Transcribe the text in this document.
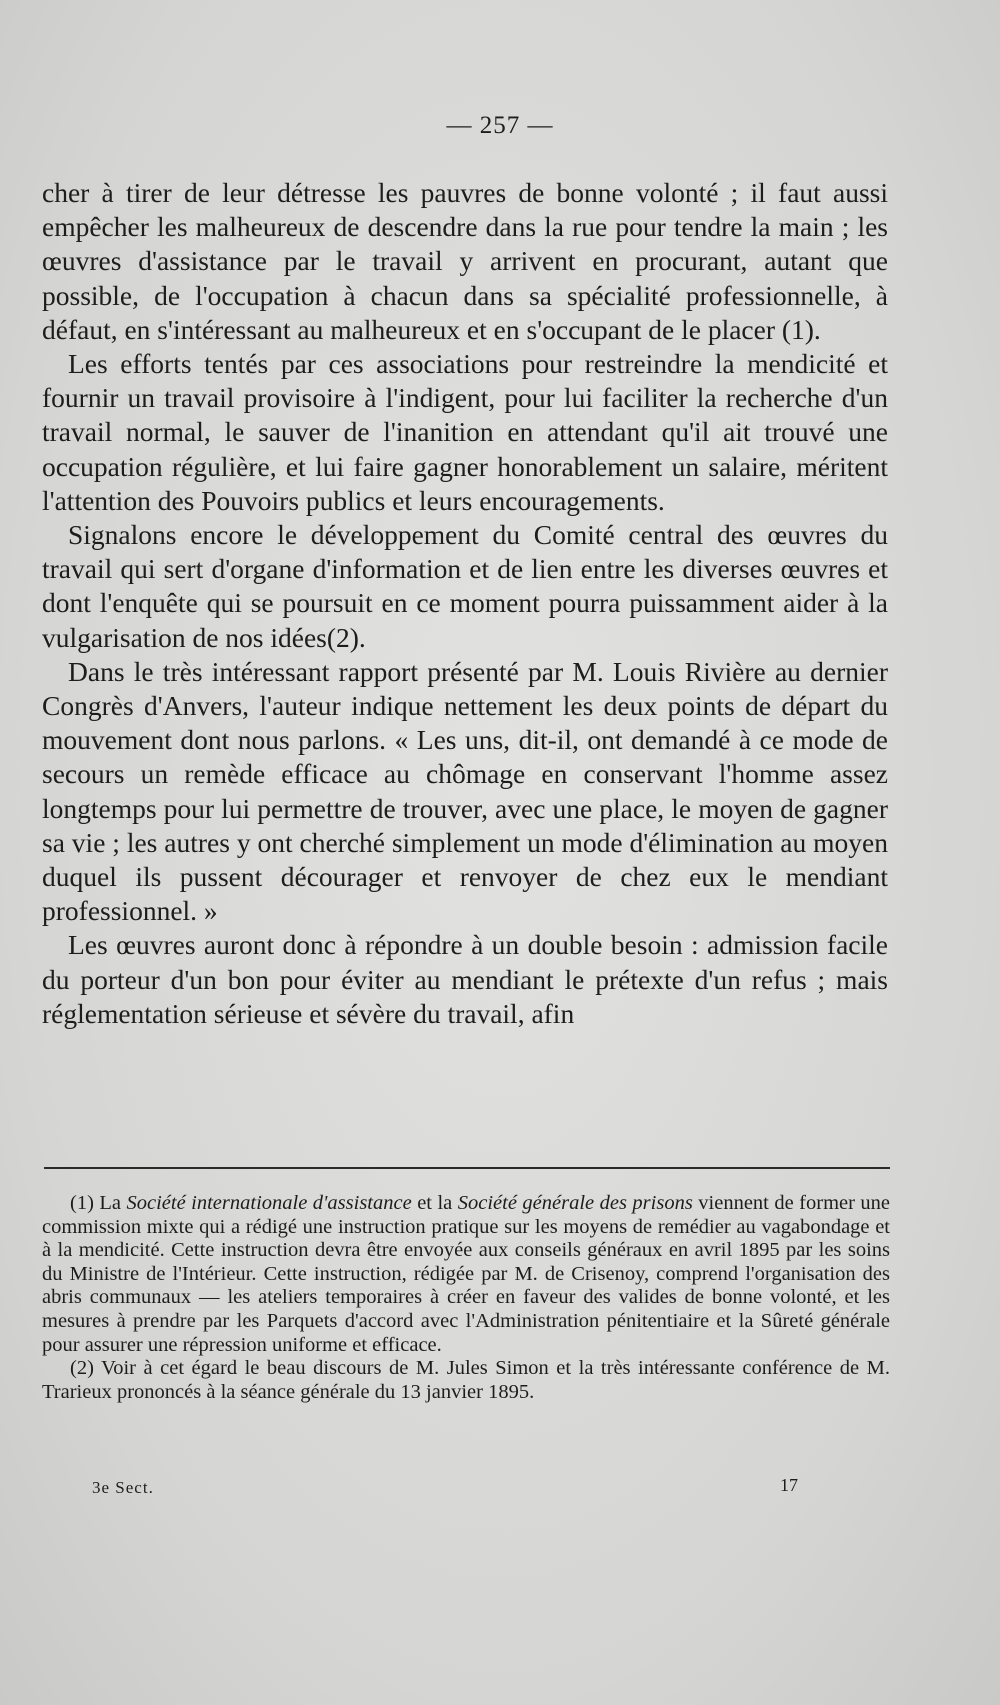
— 257 —

cher à tirer de leur détresse les pauvres de bonne volonté ; il faut aussi empêcher les malheureux de descendre dans la rue pour tendre la main ; les œuvres d'assistance par le travail y arrivent en procurant, autant que possible, de l'occupation à chacun dans sa spécialité professionnelle, à défaut, en s'intéressant au malheureux et en s'occupant de le placer (1).

Les efforts tentés par ces associations pour restreindre la mendicité et fournir un travail provisoire à l'indigent, pour lui faciliter la recherche d'un travail normal, le sauver de l'inanition en attendant qu'il ait trouvé une occupation régulière, et lui faire gagner honorablement un salaire, méritent l'attention des Pouvoirs publics et leurs encouragements.

Signalons encore le développement du Comité central des œuvres du travail qui sert d'organe d'information et de lien entre les diverses œuvres et dont l'enquête qui se poursuit en ce moment pourra puissamment aider à la vulgarisation de nos idées(2).

Dans le très intéressant rapport présenté par M. Louis Rivière au dernier Congrès d'Anvers, l'auteur indique nettement les deux points de départ du mouvement dont nous parlons. « Les uns, dit-il, ont demandé à ce mode de secours un remède efficace au chômage en conservant l'homme assez longtemps pour lui permettre de trouver, avec une place, le moyen de gagner sa vie ; les autres y ont cherché simplement un mode d'élimination au moyen duquel ils pussent décourager et renvoyer de chez eux le mendiant professionnel. »

Les œuvres auront donc à répondre à un double besoin : admission facile du porteur d'un bon pour éviter au mendiant le prétexte d'un refus ; mais réglementation sérieuse et sévère du travail, afin

(1) La Société internationale d'assistance et la Société générale des prisons viennent de former une commission mixte qui a rédigé une instruction pratique sur les moyens de remédier au vagabondage et à la mendicité. Cette instruction devra être envoyée aux conseils généraux en avril 1895 par les soins du Ministre de l'Intérieur. Cette instruction, rédigée par M. de Crisenoy, comprend l'organisation des abris communaux — les ateliers temporaires à créer en faveur des valides de bonne volonté, et les mesures à prendre par les Parquets d'accord avec l'Administration pénitentiaire et la Sûreté générale pour assurer une répression uniforme et efficace.

(2) Voir à cet égard le beau discours de M. Jules Simon et la très intéressante conférence de M. Trarieux prononcés à la séance générale du 13 janvier 1895.

3e Sect.	17
